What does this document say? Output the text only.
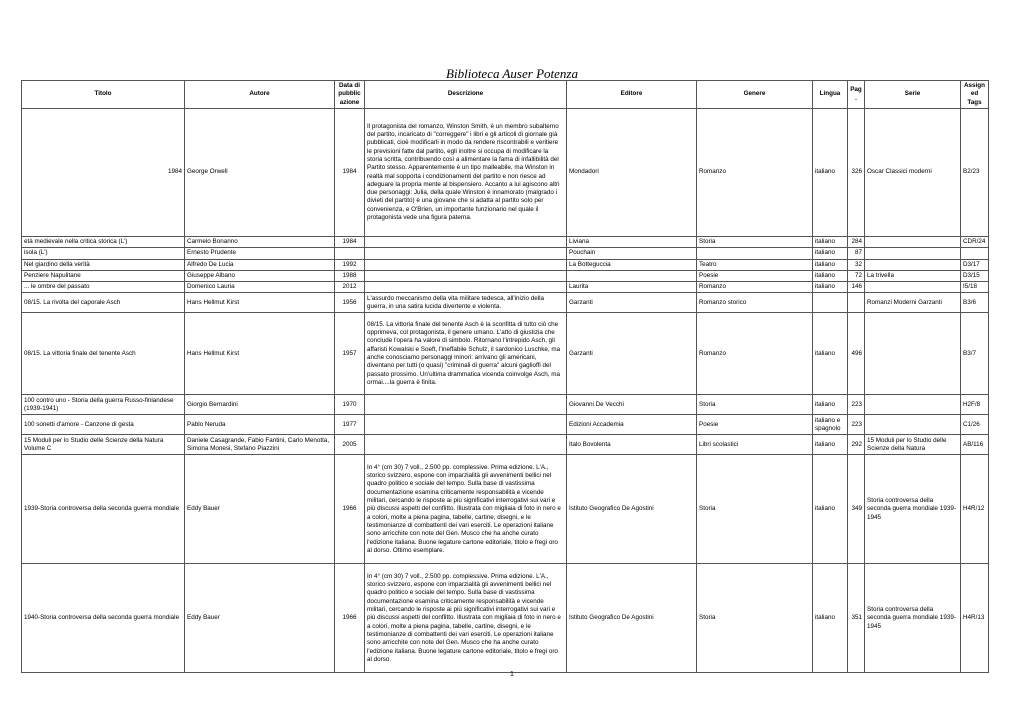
Biblioteca Auser Potenza
Titolo	Autore	Data di pubblicazione	Descrizione	Editore	Genere	Lingua	Pag.	Serie	Assigned Tags
1984	George Orwell	1984	Il protagonista del romanzo, Winston Smith, è un membro subalterno del partito, incaricato di "correggere" i libri e gli articoli di giornale già pubblicati, cioè modificarli in modo da rendere riscontrabili e veritiere le previsioni fatte dal partito, egli inoltre si occupa di modificare la storia scritta, contribuendo così a alimentare la fama di infallibilità del Partito stesso. Apparentemente è un tipo malleabile, ma Winston in realtà mal sopporta i condizionamenti del partito e non riesce ad adeguare la propria mente al bispensiero. Accanto a lui agiscono altri due personaggi: Julia, della quale Winston è innamorato (malgrado i divieti del partito) è una giovane che si adatta al partito solo per convenienza, e O'Brien, un importante funzionario nel quale il protagonista vede una figura paterna.	Mondadori	Romanzo	italiano	326	Oscar Classici moderni	B2/23
età medievale nella critica storica (L')	Carmelo Bonanno	1984		Liviana	Storia	italiano	284		CDR/24
isola (L')	Ernesto Prudente			Pouchain		italiano	87		
Nel giardino della verità	Alfredo De Lucia	1992		La Botteguccia	Teatro	italiano	32		D3/17
Penziere Napulitane	Giuseppe Albano	1988			Poesie	italiano	72	La trivella	D3/15
... le ombre del passato	Domenico Lauria	2012		Laurita	Romanzo	italiano	146		I5/18
08/15. La rivolta del caporale Asch	Hans Hellmut Kirst	1956	L'assurdo meccanismo della vita militare tedesca, all'inizio della guerra, in una satira lucida divertente e violenta.	Garzanti	Romanzo storico			Romanzi Moderni Garzanti	B3/6
08/15. La vittoria finale del tenente Asch	Hans Hellmut Kirst	1957	08/15. La vittoria finale del tenente Asch è la sconfitta di tutto ciò che opprimeva, col protagonista, il genere umano. L'atto di giustizia che conclude l'opera ha valore di simbolo. Ritornano l'intrepido Asch, gli affaristi Kowalski e Soeft, l'ineffabile Schulz, il sardonico Luschke, ma anche conosciamo personaggi minori: arrivano gli americani, diventano per tutti (o quasi) "criminali di guerra" alcuni gaglioffi del passato prossimo. Un'ultima drammatica vicenda coinvolge Asch, ma ormai....la guerra è finita.	Garzanti	Romanzo	italiano	496		B3/7
100 contro uno - Storia della guerra Russo-finlandese (1939-1941)	Giorgio Bernardini	1970		Giovanni De Vecchi	Storia	italiano	223		H2F/8
100 sonetti d'amore - Canzone di gesta	Pablo Neruda	1977		Edizioni Accademia	Poesie	italiano e spagnolo	223		C1/26
15 Moduli per lo Studio delle Scienze della Natura Volume C	Daniele Casagrande, Fabio Fantini, Carlo Menotta, Simona Monesi, Stefano Piazzini	2005		Italo Bovolenta	Libri scolastici	italiano	292	15 Moduli per lo Studio delle Scienze della Natura	AB/116
1939-Storia controversa della seconda guerra mondiale	Eddy Bauer	1966	In 4° (cm 30) 7 voll., 2.500 pp. complessive. Prima edizione. L'A., storico svizzero, espone con imparzialità gli avvenimenti bellici nel quadro politico e sociale del tempo. Sulla base di vastissima documentazione esamina criticamente responsabilità e vicende militari, cercando le risposte ai più significativi interrogativi sui vari e più discussi aspetti del conflitto. Illustrata con migliaia di foto in nero e a colori, molte a piena pagina, tabelle, cartine, disegni, e le testimonianze di combattenti dei vari eserciti. Le operazioni italiane sono arricchite con note del Gen. Musco che ha anche curato l'edizione italiana. Buone legature cartone editoriale, titolo e fregi oro al dorso. Ottimo esemplare.	Istituto Geografico De Agostini	Storia	italiano	349	Storia controversa della seconda guerra mondiale 1939-1945	H4R/12
1940-Storia controversa della seconda guerra mondiale	Eddy Bauer	1966	In 4° (cm 30) 7 voll., 2.500 pp. complessive. Prima edizione. L'A., storico svizzero, espone con imparzialità gli avvenimenti bellici nel quadro politico e sociale del tempo. Sulla base di vastissima documentazione esamina criticamente responsabilità e vicende militari, cercando le risposte ai più significativi interrogativi sui vari e più discussi aspetti del conflitto. Illustrata con migliaia di foto in nero e a colori, molte a piena pagina, tabelle, cartine, disegni, e le testimonianze di combattenti dei vari eserciti. Le operazioni italiane sono arricchite con note del Gen. Musco che ha anche curato l'edizione italiana. Buone legature cartone editoriale, titolo e fregi oro al dorso.	Istituto Geografico De Agostini	Storia	italiano	351	Storia controversa della seconda guerra mondiale 1939-1945	H4R/13
1
